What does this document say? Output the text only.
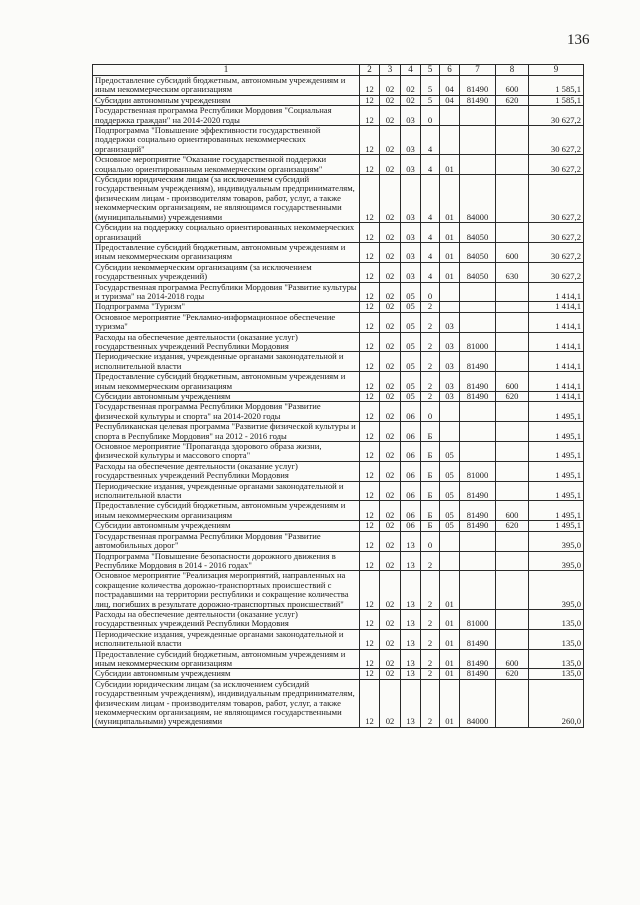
136
1	2	3	4	5	6	7	8	9
Предоставление субсидий бюджетным, автономным учреждениям и иным некоммерческим организациям	12	02	02	5	04	81490	600	1 585,1
Субсидии автономным учреждениям	12	02	02	5	04	81490	620	1 585,1
Государственная программа Республики Мордовия "Социальная поддержка граждан" на 2014-2020 годы	12	02	03	0				30 627,2
Подпрограмма "Повышение эффективности государственной поддержки социально ориентированных некоммерческих организаций"	12	02	03	4				30 627,2
Основное мероприятие "Оказание государственной поддержки социально ориентированным некоммерческим организациям"	12	02	03	4	01			30 627,2
Субсидии юридическим лицам (за исключением субсидий государственным учреждениям), индивидуальным предпринимателям, физическим лицам - производителям товаров, работ, услуг, а также некоммерческим организациям, не являющимся государственными (муниципальными) учреждениями	12	02	03	4	01	84000		30 627,2
Субсидии на поддержку социально ориентированных некоммерческих организаций	12	02	03	4	01	84050		30 627,2
Предоставление субсидий бюджетным, автономным учреждениям и иным некоммерческим организациям	12	02	03	4	01	84050	600	30 627,2
Субсидии некоммерческим организациям (за исключением государственных учреждений)	12	02	03	4	01	84050	630	30 627,2
Государственная программа Республики Мордовия "Развитие культуры и туризма" на 2014-2018 годы	12	02	05	0				1 414,1
Подпрограмма "Туризм"	12	02	05	2				1 414,1
Основное мероприятие "Рекламно-информационное обеспечение туризма"	12	02	05	2	03			1 414,1
Расходы на обеспечение деятельности (оказание услуг) государственных учреждений Республики Мордовия	12	02	05	2	03	81000		1 414,1
Периодические издания, учрежденные органами законодательной и исполнительной власти	12	02	05	2	03	81490		1 414,1
Предоставление субсидий бюджетным, автономным учреждениям и иным некоммерческим организациям	12	02	05	2	03	81490	600	1 414,1
Субсидии автономным учреждениям	12	02	05	2	03	81490	620	1 414,1
Государственная программа Республики Мордовия "Развитие физической культуры и спорта" на 2014-2020 годы	12	02	06	0				1 495,1
Республиканская целевая программа "Развитие физической культуры и спорта в Республике Мордовия" на 2012 - 2016 годы	12	02	06	Б				1 495,1
Основное мероприятие "Пропаганда здорового образа жизни, физической культуры и массового спорта"	12	02	06	Б	05			1 495,1
Расходы на обеспечение деятельности (оказание услуг) государственных учреждений Республики Мордовия	12	02	06	Б	05	81000		1 495,1
Периодические издания, учрежденные органами законодательной и исполнительной власти	12	02	06	Б	05	81490		1 495,1
Предоставление субсидий бюджетным, автономным учреждениям и иным некоммерческим организациям	12	02	06	Б	05	81490	600	1 495,1
Субсидии автономным учреждениям	12	02	06	Б	05	81490	620	1 495,1
Государственная программа Республики Мордовия "Развитие автомобильных дорог"	12	02	13	0				395,0
Подпрограмма "Повышение безопасности дорожного движения в Республике Мордовия в 2014 - 2016 годах"	12	02	13	2				395,0
Основное мероприятие "Реализация мероприятий, направленных на сокращение количества дорожно-транспортных происшествий с пострадавшими на территории республики и сокращение количества лиц, погибших в результате дорожно-транспортных происшествий"	12	02	13	2	01			395,0
Расходы на обеспечение деятельности (оказание услуг) государственных учреждений Республики Мордовия	12	02	13	2	01	81000		135,0
Периодические издания, учрежденные органами законодательной и исполнительной власти	12	02	13	2	01	81490		135,0
Предоставление субсидий бюджетным, автономным учреждениям и иным некоммерческим организациям	12	02	13	2	01	81490	600	135,0
Субсидии автономным учреждениям	12	02	13	2	01	81490	620	135,0
Субсидии юридическим лицам (за исключением субсидий государственным учреждениям), индивидуальным предпринимателям, физическим лицам - производителям товаров, работ, услуг, а также некоммерческим организациям, не являющимся государственными (муниципальными) учреждениями	12	02	13	2	01	84000		260,0
